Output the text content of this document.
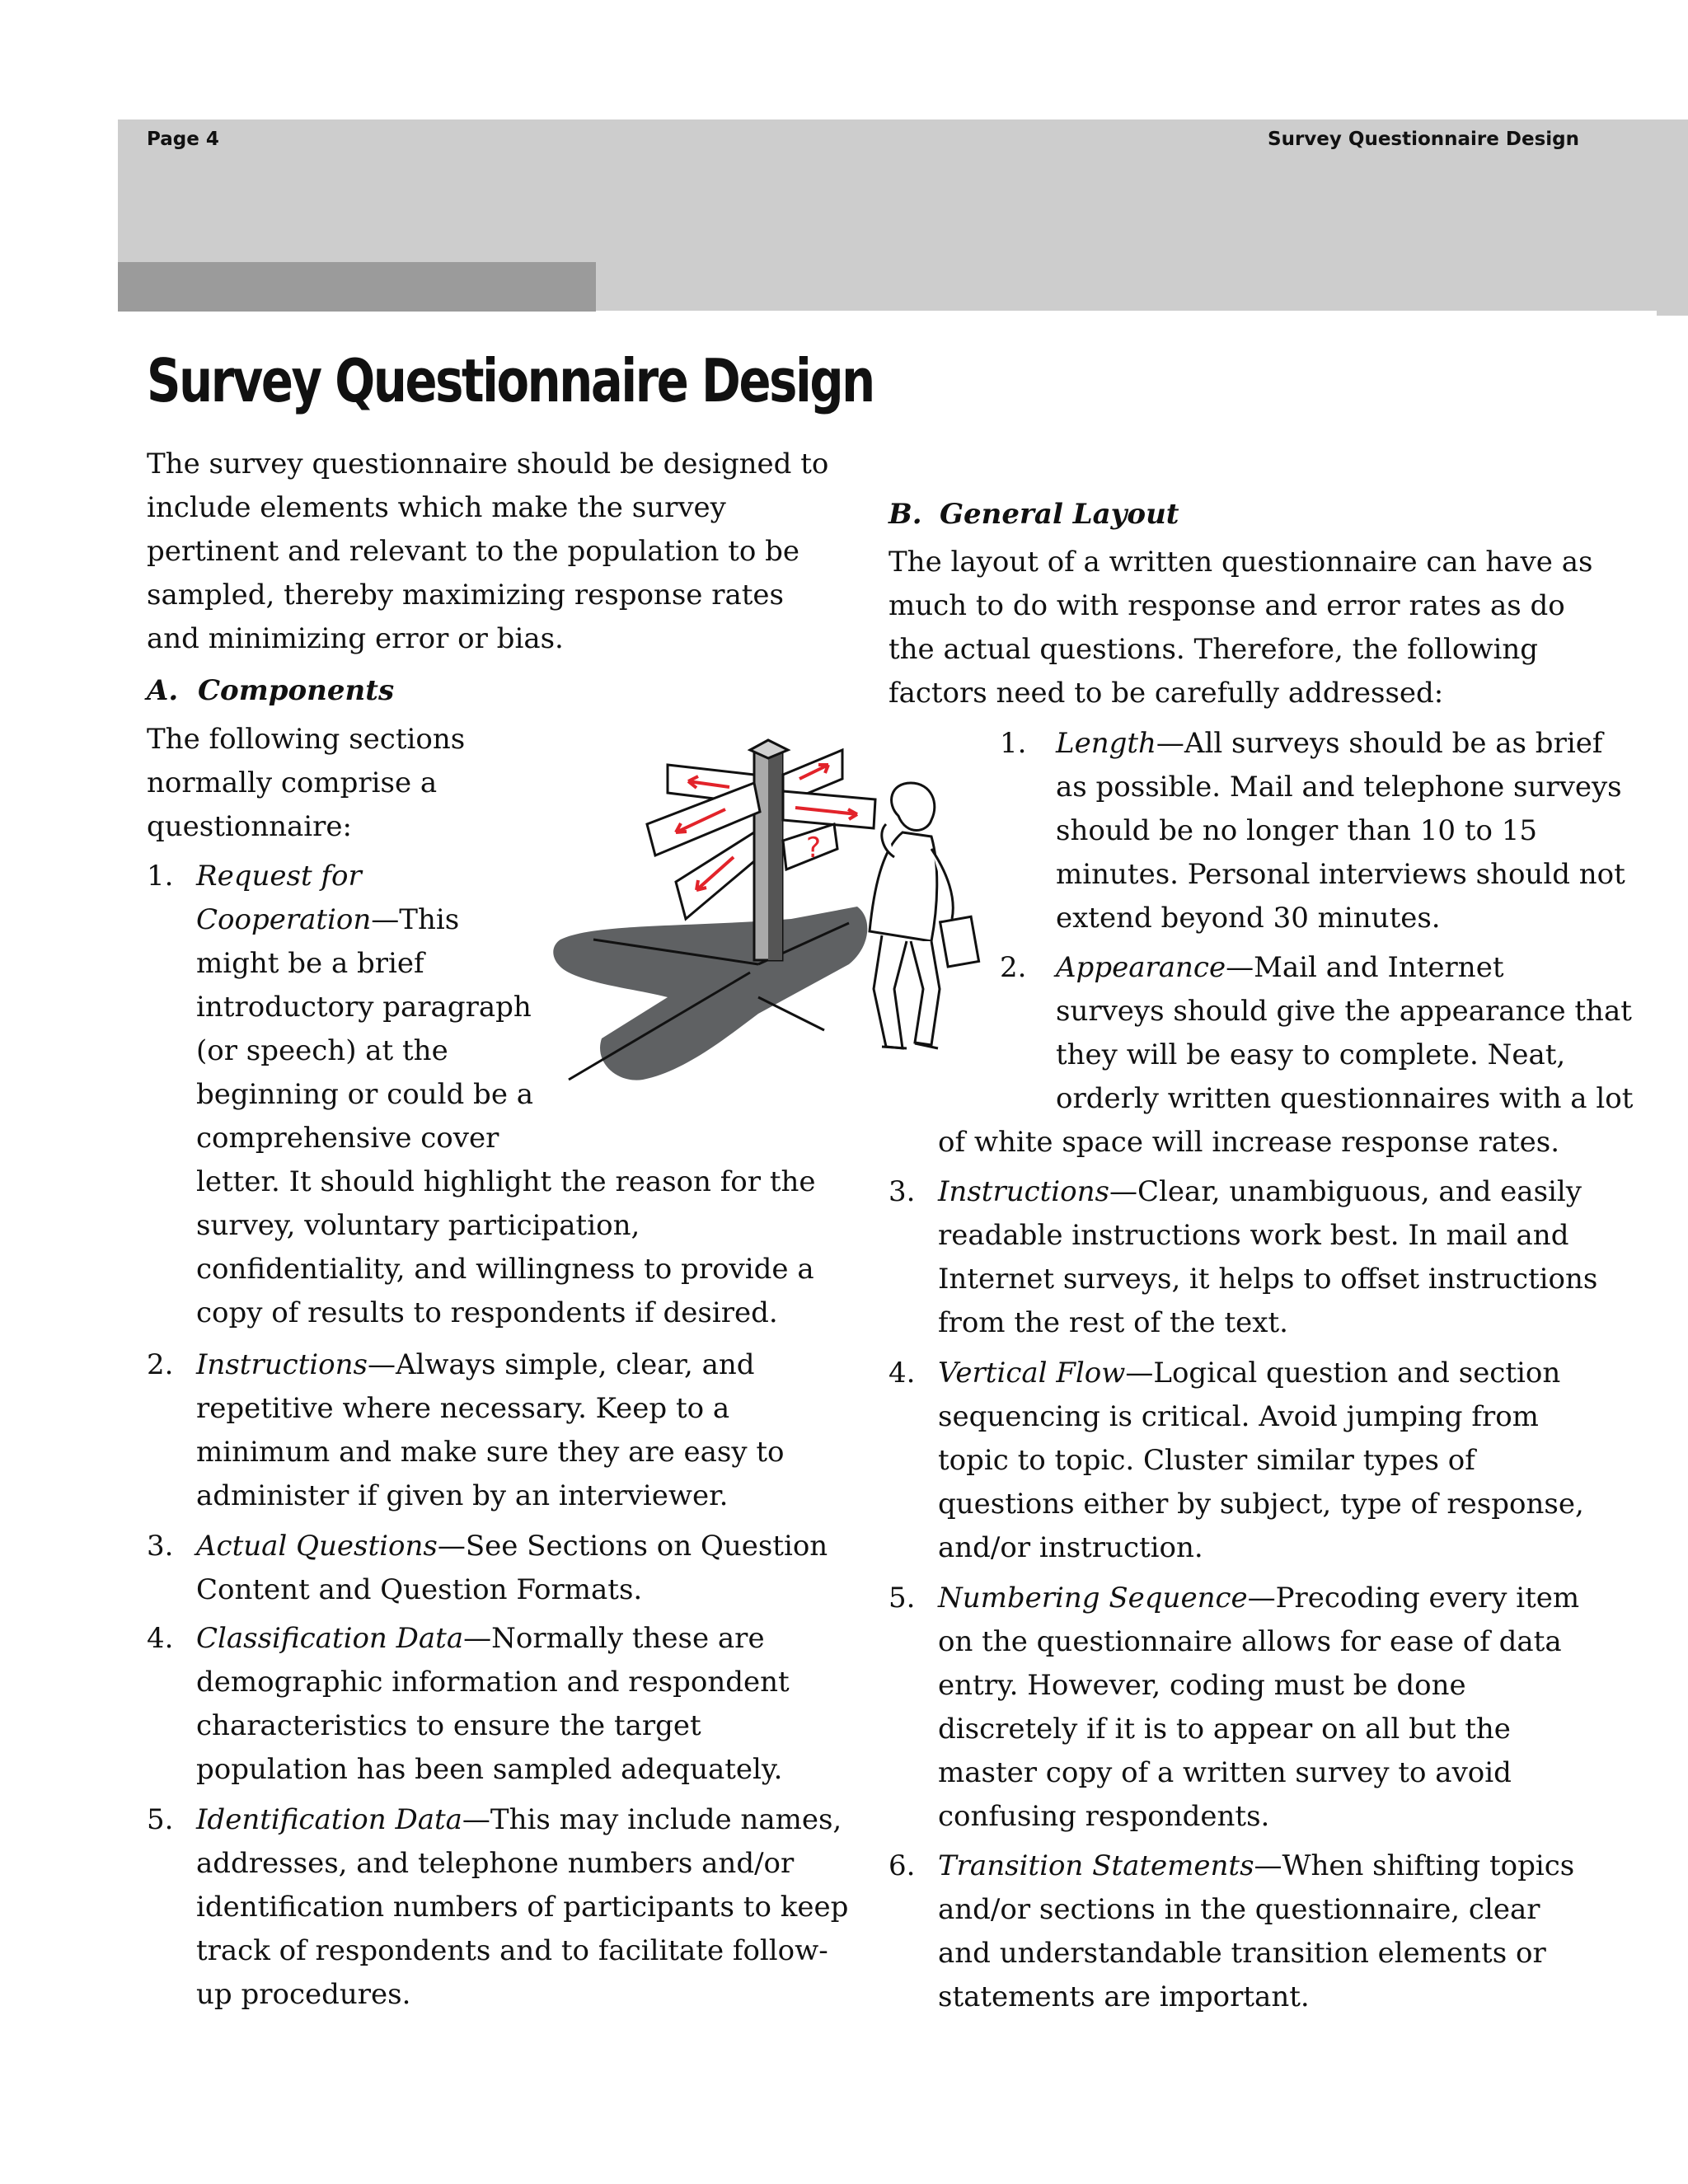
Page 4	Survey Questionnaire Design
Survey Questionnaire Design
The survey questionnaire should be designed to
include elements which make the survey
pertinent and relevant to the population to be
sampled, thereby maximizing response rates
and minimizing error or bias.
A. Components
The following sections
normally comprise a
questionnaire:
1. Request for
Cooperation—This
might be a brief
introductory paragraph
(or speech) at the
beginning or could be a
comprehensive cover
letter. It should highlight the reason for the
survey, voluntary participation,
confidentiality, and willingness to provide a
copy of results to respondents if desired.
2. Instructions—Always simple, clear, and
repetitive where necessary. Keep to a
minimum and make sure they are easy to
administer if given by an interviewer.
3. Actual Questions—See Sections on Question
Content and Question Formats.
4. Classification Data—Normally these are
demographic information and respondent
characteristics to ensure the target
population has been sampled adequately.
5. Identification Data—This may include names,
addresses, and telephone numbers and/or
identification numbers of participants to keep
track of respondents and to facilitate follow-
up procedures.
B. General Layout
The layout of a written questionnaire can have as
much to do with response and error rates as do
the actual questions. Therefore, the following
factors need to be carefully addressed:
1. Length—All surveys should be as brief
as possible. Mail and telephone surveys
should be no longer than 10 to 15
minutes. Personal interviews should not
extend beyond 30 minutes.
2. Appearance—Mail and Internet
surveys should give the appearance that
they will be easy to complete. Neat,
orderly written questionnaires with a lot
of white space will increase response rates.
3. Instructions—Clear, unambiguous, and easily
readable instructions work best. In mail and
Internet surveys, it helps to offset instructions
from the rest of the text.
4. Vertical Flow—Logical question and section
sequencing is critical. Avoid jumping from
topic to topic. Cluster similar types of
questions either by subject, type of response,
and/or instruction.
5. Numbering Sequence—Precoding every item
on the questionnaire allows for ease of data
entry. However, coding must be done
discretely if it is to appear on all but the
master copy of a written survey to avoid
confusing respondents.
6. Transition Statements—When shifting topics
and/or sections in the questionnaire, clear
and understandable transition elements or
statements are important.
?
